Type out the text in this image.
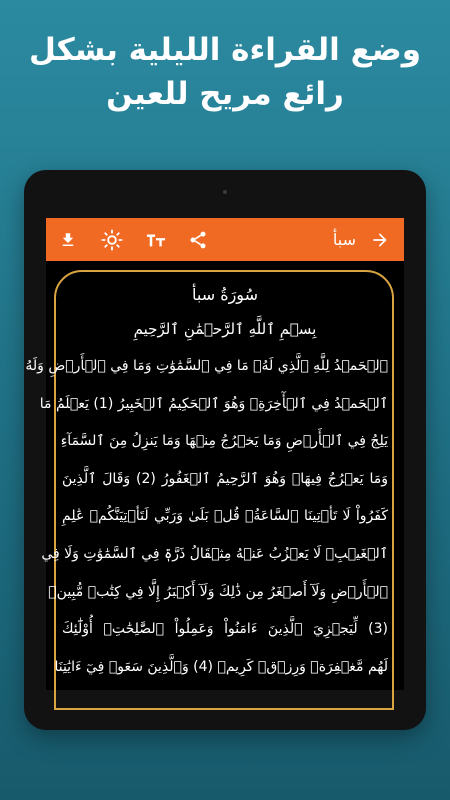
وضع القراءة الليلية بشكل
رائع مريح للعين
سبأ
سُورَةُ سبأ
بِسۡمِ ٱللَّهِ ٱلرَّحۡمَٰنِ ٱلرَّحِيمِ
ٱلۡحَمۡدُ لِلَّهِ ٱلَّذِي لَهُۥ مَا فِي ٱلسَّمَٰوَٰتِ وَمَا فِي ٱلۡأَرۡضِ وَلَهُ
ٱلۡحَمۡدُ فِي ٱلۡأٓخِرَةِۚ وَهُوَ ٱلۡحَكِيمُ ٱلۡخَبِيرُ (1) يَعۡلَمُ مَا
يَلِجُ فِي ٱلۡأَرۡضِ وَمَا يَخۡرُجُ مِنۡهَا وَمَا يَنزِلُ مِنَ ٱلسَّمَآءِ
وَمَا يَعۡرُجُ فِيهَاۚ وَهُوَ ٱلرَّحِيمُ ٱلۡغَفُورُ (2) وَقَالَ ٱلَّذِينَ
كَفَرُواْ لَا تَأۡتِينَا ٱلسَّاعَةُۖ قُلۡ بَلَىٰ وَرَبِّي لَتَأۡتِيَنَّكُمۡ عَٰلِمِ
ٱلۡغَيۡبِۖ لَا يَعۡزُبُ عَنۡهُ مِثۡقَالُ ذَرَّةٖ فِي ٱلسَّمَٰوَٰتِ وَلَا فِي
ٱلۡأَرۡضِ وَلَآ أَصۡغَرُ مِن ذَٰلِكَ وَلَآ أَكۡبَرُ إِلَّا فِي كِتَٰبٖ مُّبِينٖ
(3) لِّيَجۡزِيَ ٱلَّذِينَ ءَامَنُواْ وَعَمِلُواْ ٱلصَّٰلِحَٰتِۚ أُوْلَٰٓئِكَ
لَهُم مَّغۡفِرَةٞ وَرِزۡقٞ كَرِيمٞ (4) وَٱلَّذِينَ سَعَوۡ فِيٓ ءَايَٰتِنَا
